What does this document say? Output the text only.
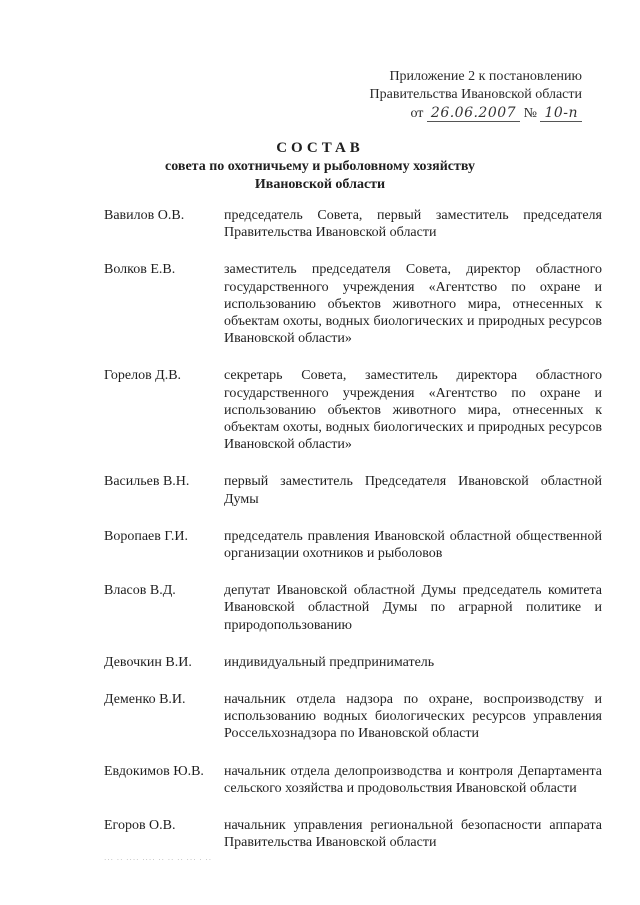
Приложение 2 к постановлению
Правительства Ивановской области
от 26.06.2007 № 10-п
СОСТАВ
совета по охотничьему и рыболовному хозяйству
Ивановской области
Вавилов О.В.	председатель Совета, первый заместитель председателя Правительства Ивановской области
Волков Е.В.	заместитель председателя Совета, директор областного государственного учреждения «Агентство по охране и использованию объектов животного мира, отнесенных к объектам охоты, водных биологических и природных ресурсов Ивановской области»
Горелов Д.В.	секретарь Совета, заместитель директора областного государственного учреждения «Агентство по охране и использованию объектов животного мира, отнесенных к объектам охоты, водных биологических и природных ресурсов Ивановской области»
Васильев В.Н.	первый заместитель Председателя Ивановской областной Думы
Воропаев Г.И.	председатель правления Ивановской областной общественной организации охотников и рыболовов
Власов В.Д.	депутат Ивановской областной Думы председатель комитета Ивановской областной Думы по аграрной политике и природопользованию
Девочкин В.И.	индивидуальный предприниматель
Деменко В.И.	начальник отдела надзора по охране, воспроизводству и использованию водных биологических ресурсов управления Россельхознадзора по Ивановской области
Евдокимов Ю.В.	начальник отдела делопроизводства и контроля Департамента сельского хозяйства и продовольствия Ивановской области
Егоров О.В.	начальник управления региональной безопасности аппарата Правительства Ивановской области
··· ·· ···· ···· ·· ·· ·· ··· · ··
